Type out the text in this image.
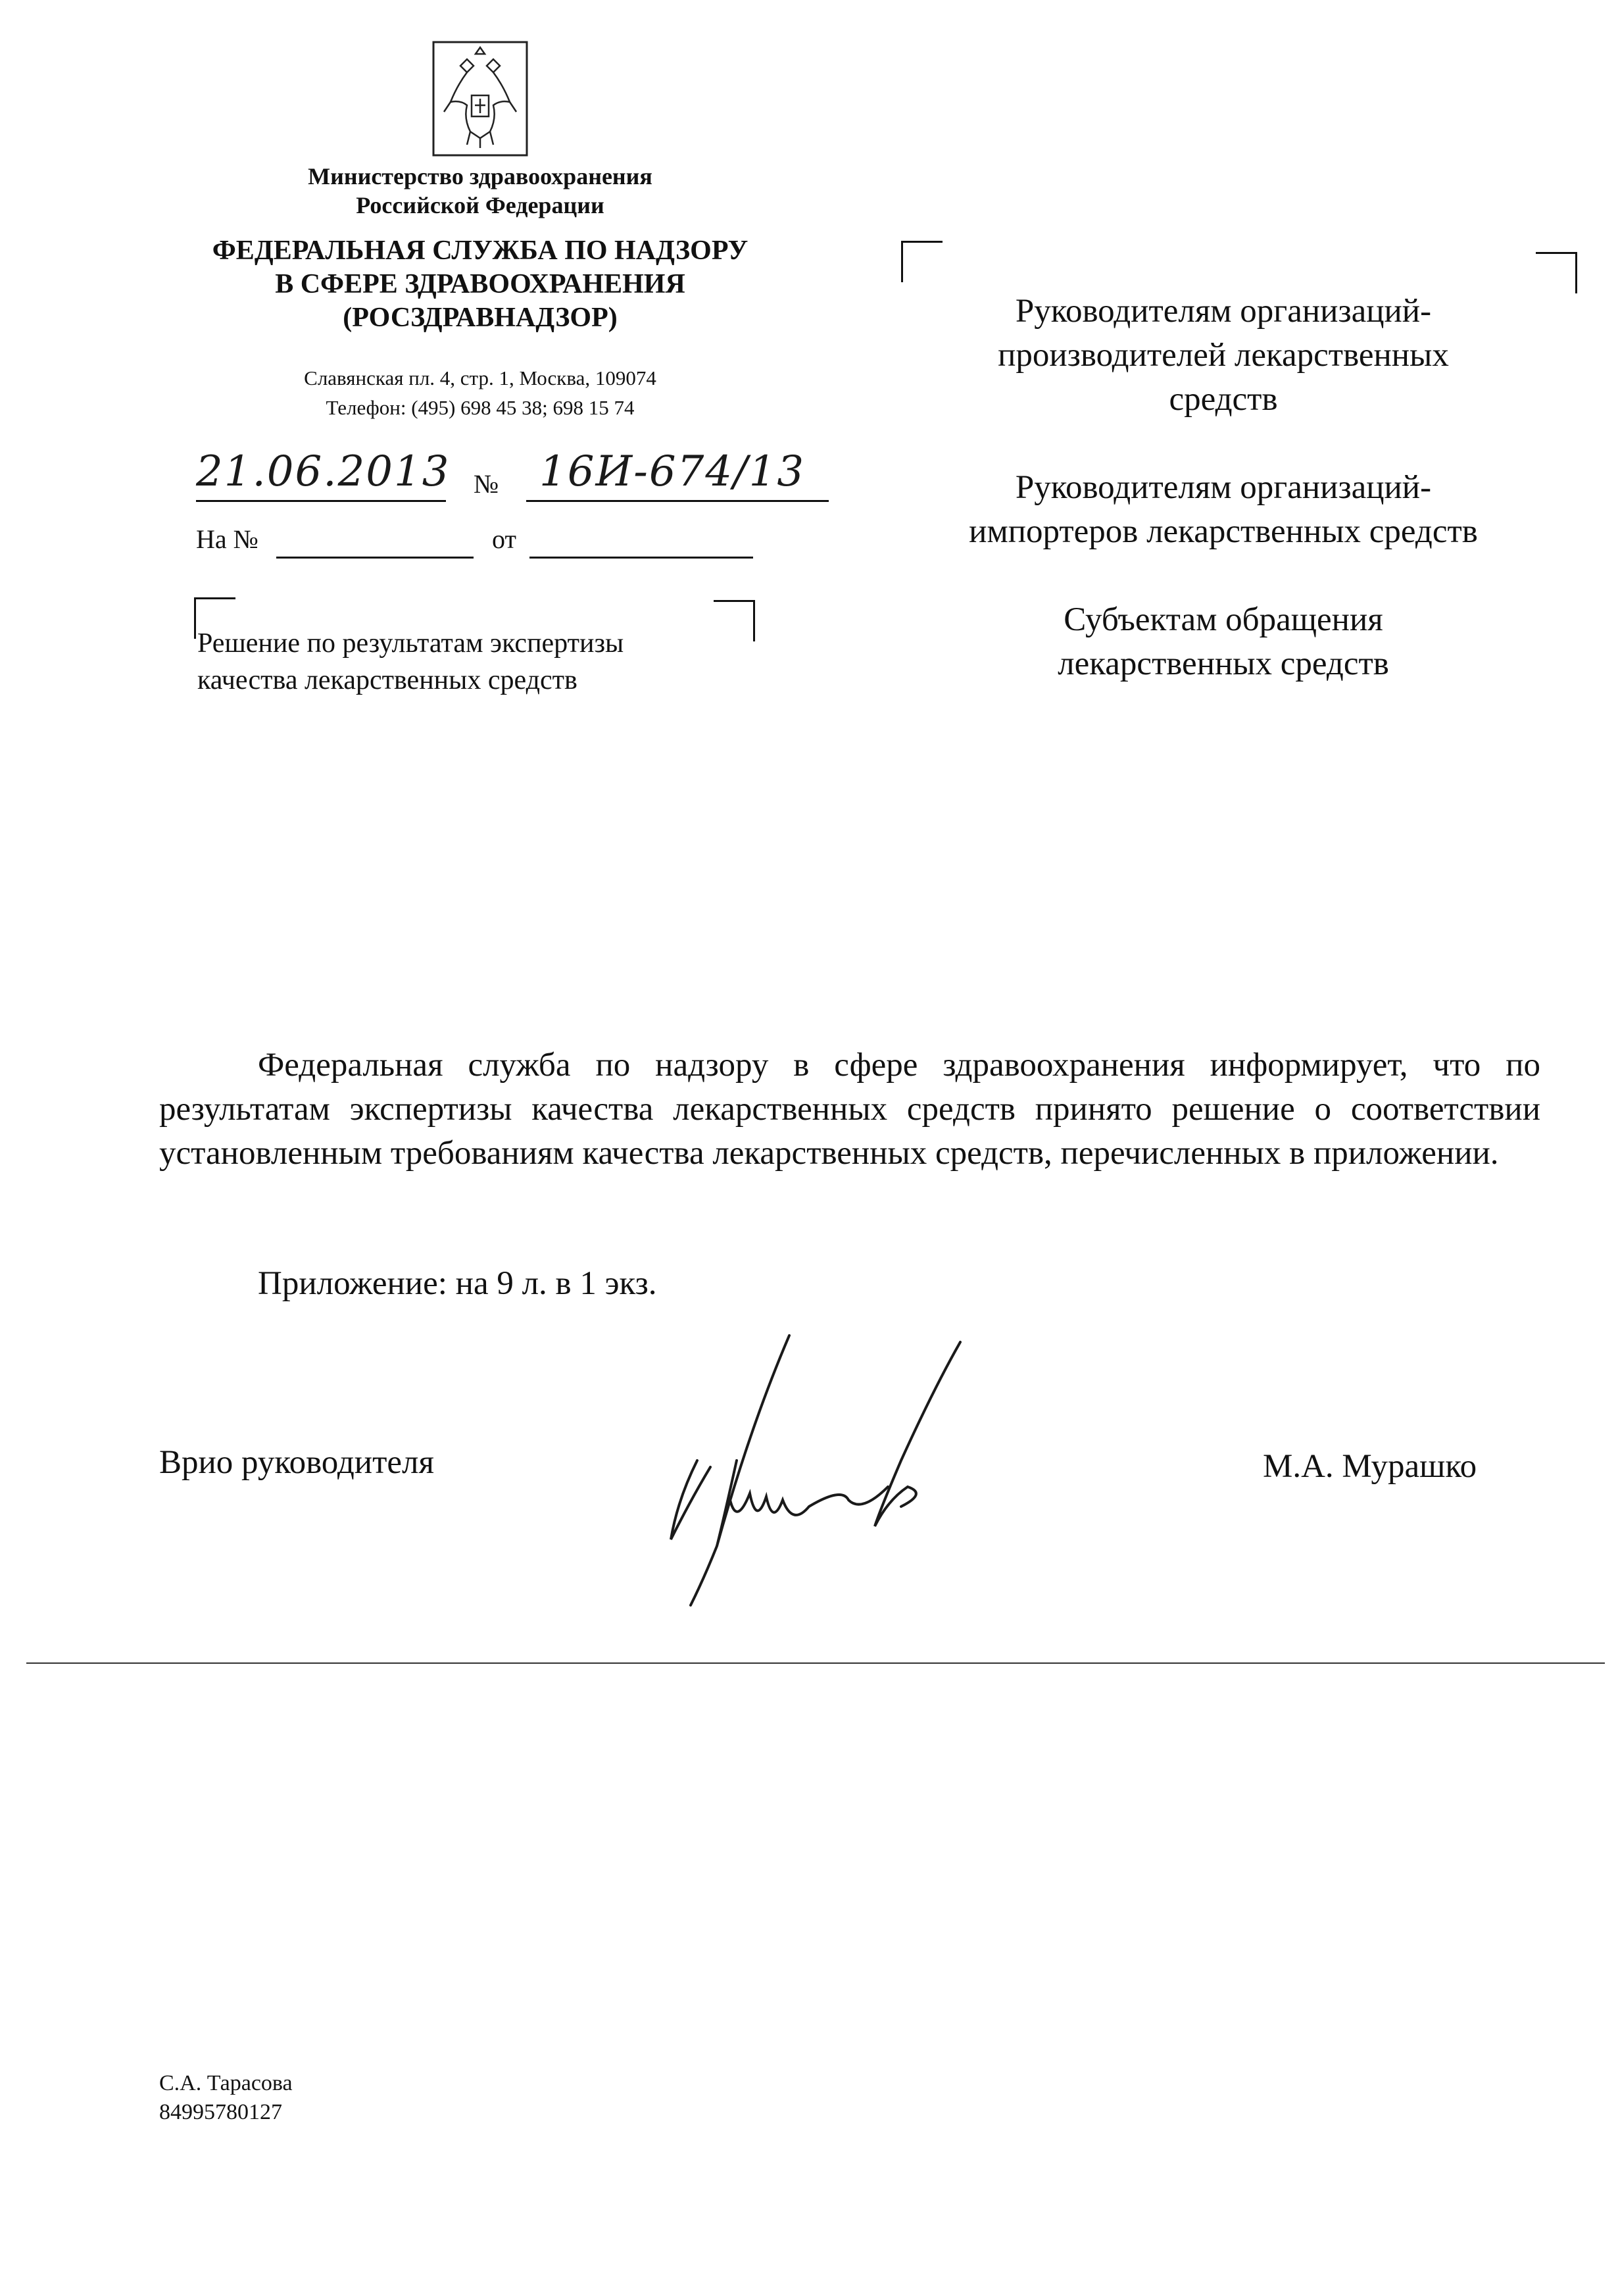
Министерство здравоохранения
Российской Федерации
ФЕДЕРАЛЬНАЯ СЛУЖБА ПО НАДЗОРУ
В СФЕРЕ ЗДРАВООХРАНЕНИЯ
(РОСЗДРАВНАДЗОР)
Славянская пл. 4, стр. 1, Москва, 109074
Телефон: (495) 698 45 38; 698 15 74
21.06.2013 № 16И-674/13
На №	от
Решение по результатам экспертизы
качества лекарственных средств
Руководителям организаций-
производителей лекарственных
средств
Руководителям организаций-
импортеров лекарственных средств
Субъектам обращения
лекарственных средств
Федеральная служба по надзору в сфере здравоохранения информирует, что по результатам экспертизы качества лекарственных средств принято решение о соответствии установленным требованиям качества лекарственных средств, перечисленных в приложении.
Приложение: на 9 л. в 1 экз.
Врио руководителя	М.А. Мурашко
С.А. Тарасова
84995780127
